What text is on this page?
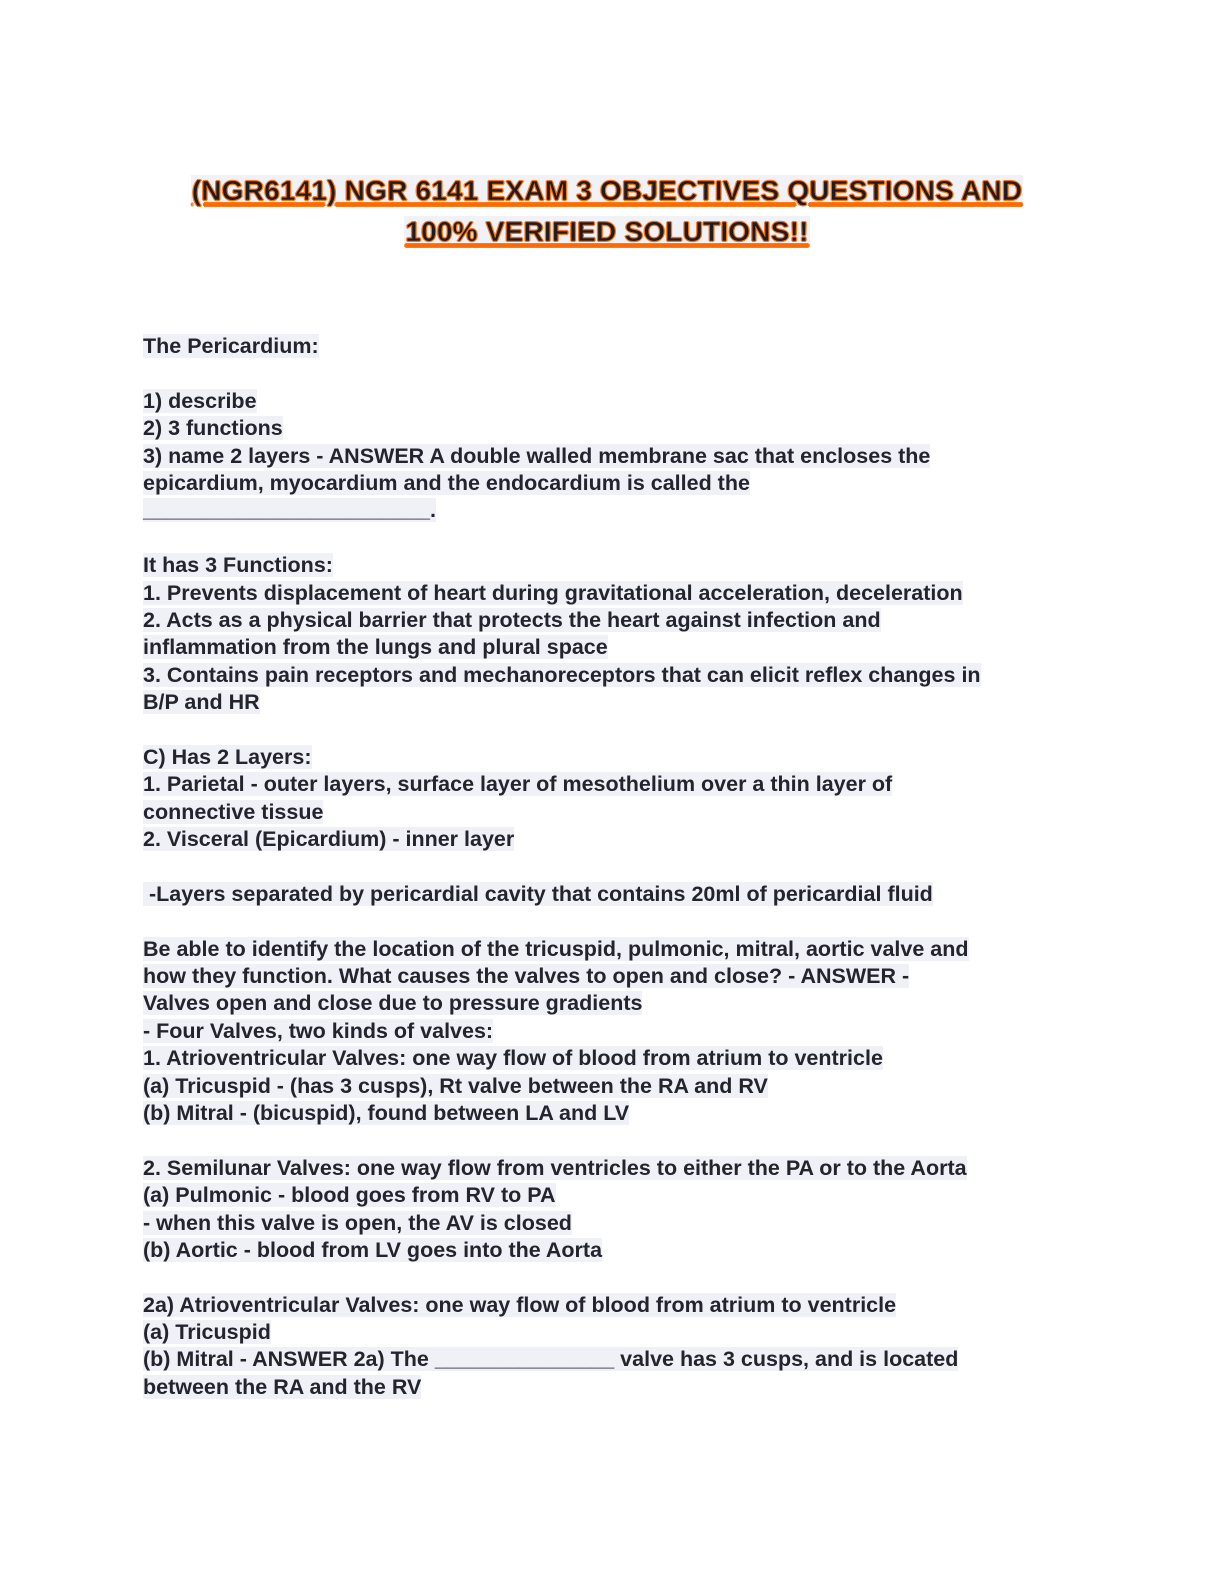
(NGR6141) NGR 6141 EXAM 3 OBJECTIVES QUESTIONS AND
100% VERIFIED SOLUTIONS!!
The Pericardium:
1) describe
2) 3 functions
3) name 2 layers - ANSWER A double walled membrane sac that encloses the
epicardium, myocardium and the endocardium is called the
________________________.
It has 3 Functions:
1. Prevents displacement of heart during gravitational acceleration, deceleration
2. Acts as a physical barrier that protects the heart against infection and
inflammation from the lungs and plural space
3. Contains pain receptors and mechanoreceptors that can elicit reflex changes in
B/P and HR
C) Has 2 Layers:
1. Parietal - outer layers, surface layer of mesothelium over a thin layer of
connective tissue
2. Visceral (Epicardium) - inner layer
-Layers separated by pericardial cavity that contains 20ml of pericardial fluid
Be able to identify the location of the tricuspid, pulmonic, mitral, aortic valve and
how they function. What causes the valves to open and close? - ANSWER -
Valves open and close due to pressure gradients
- Four Valves, two kinds of valves:
1. Atrioventricular Valves: one way flow of blood from atrium to ventricle
(a) Tricuspid - (has 3 cusps), Rt valve between the RA and RV
(b) Mitral - (bicuspid), found between LA and LV
2. Semilunar Valves: one way flow from ventricles to either the PA or to the Aorta
(a) Pulmonic - blood goes from RV to PA
- when this valve is open, the AV is closed
(b) Aortic - blood from LV goes into the Aorta
2a) Atrioventricular Valves: one way flow of blood from atrium to ventricle
(a) Tricuspid
(b) Mitral - ANSWER 2a) The _______________ valve has 3 cusps, and is located
between the RA and the RV
